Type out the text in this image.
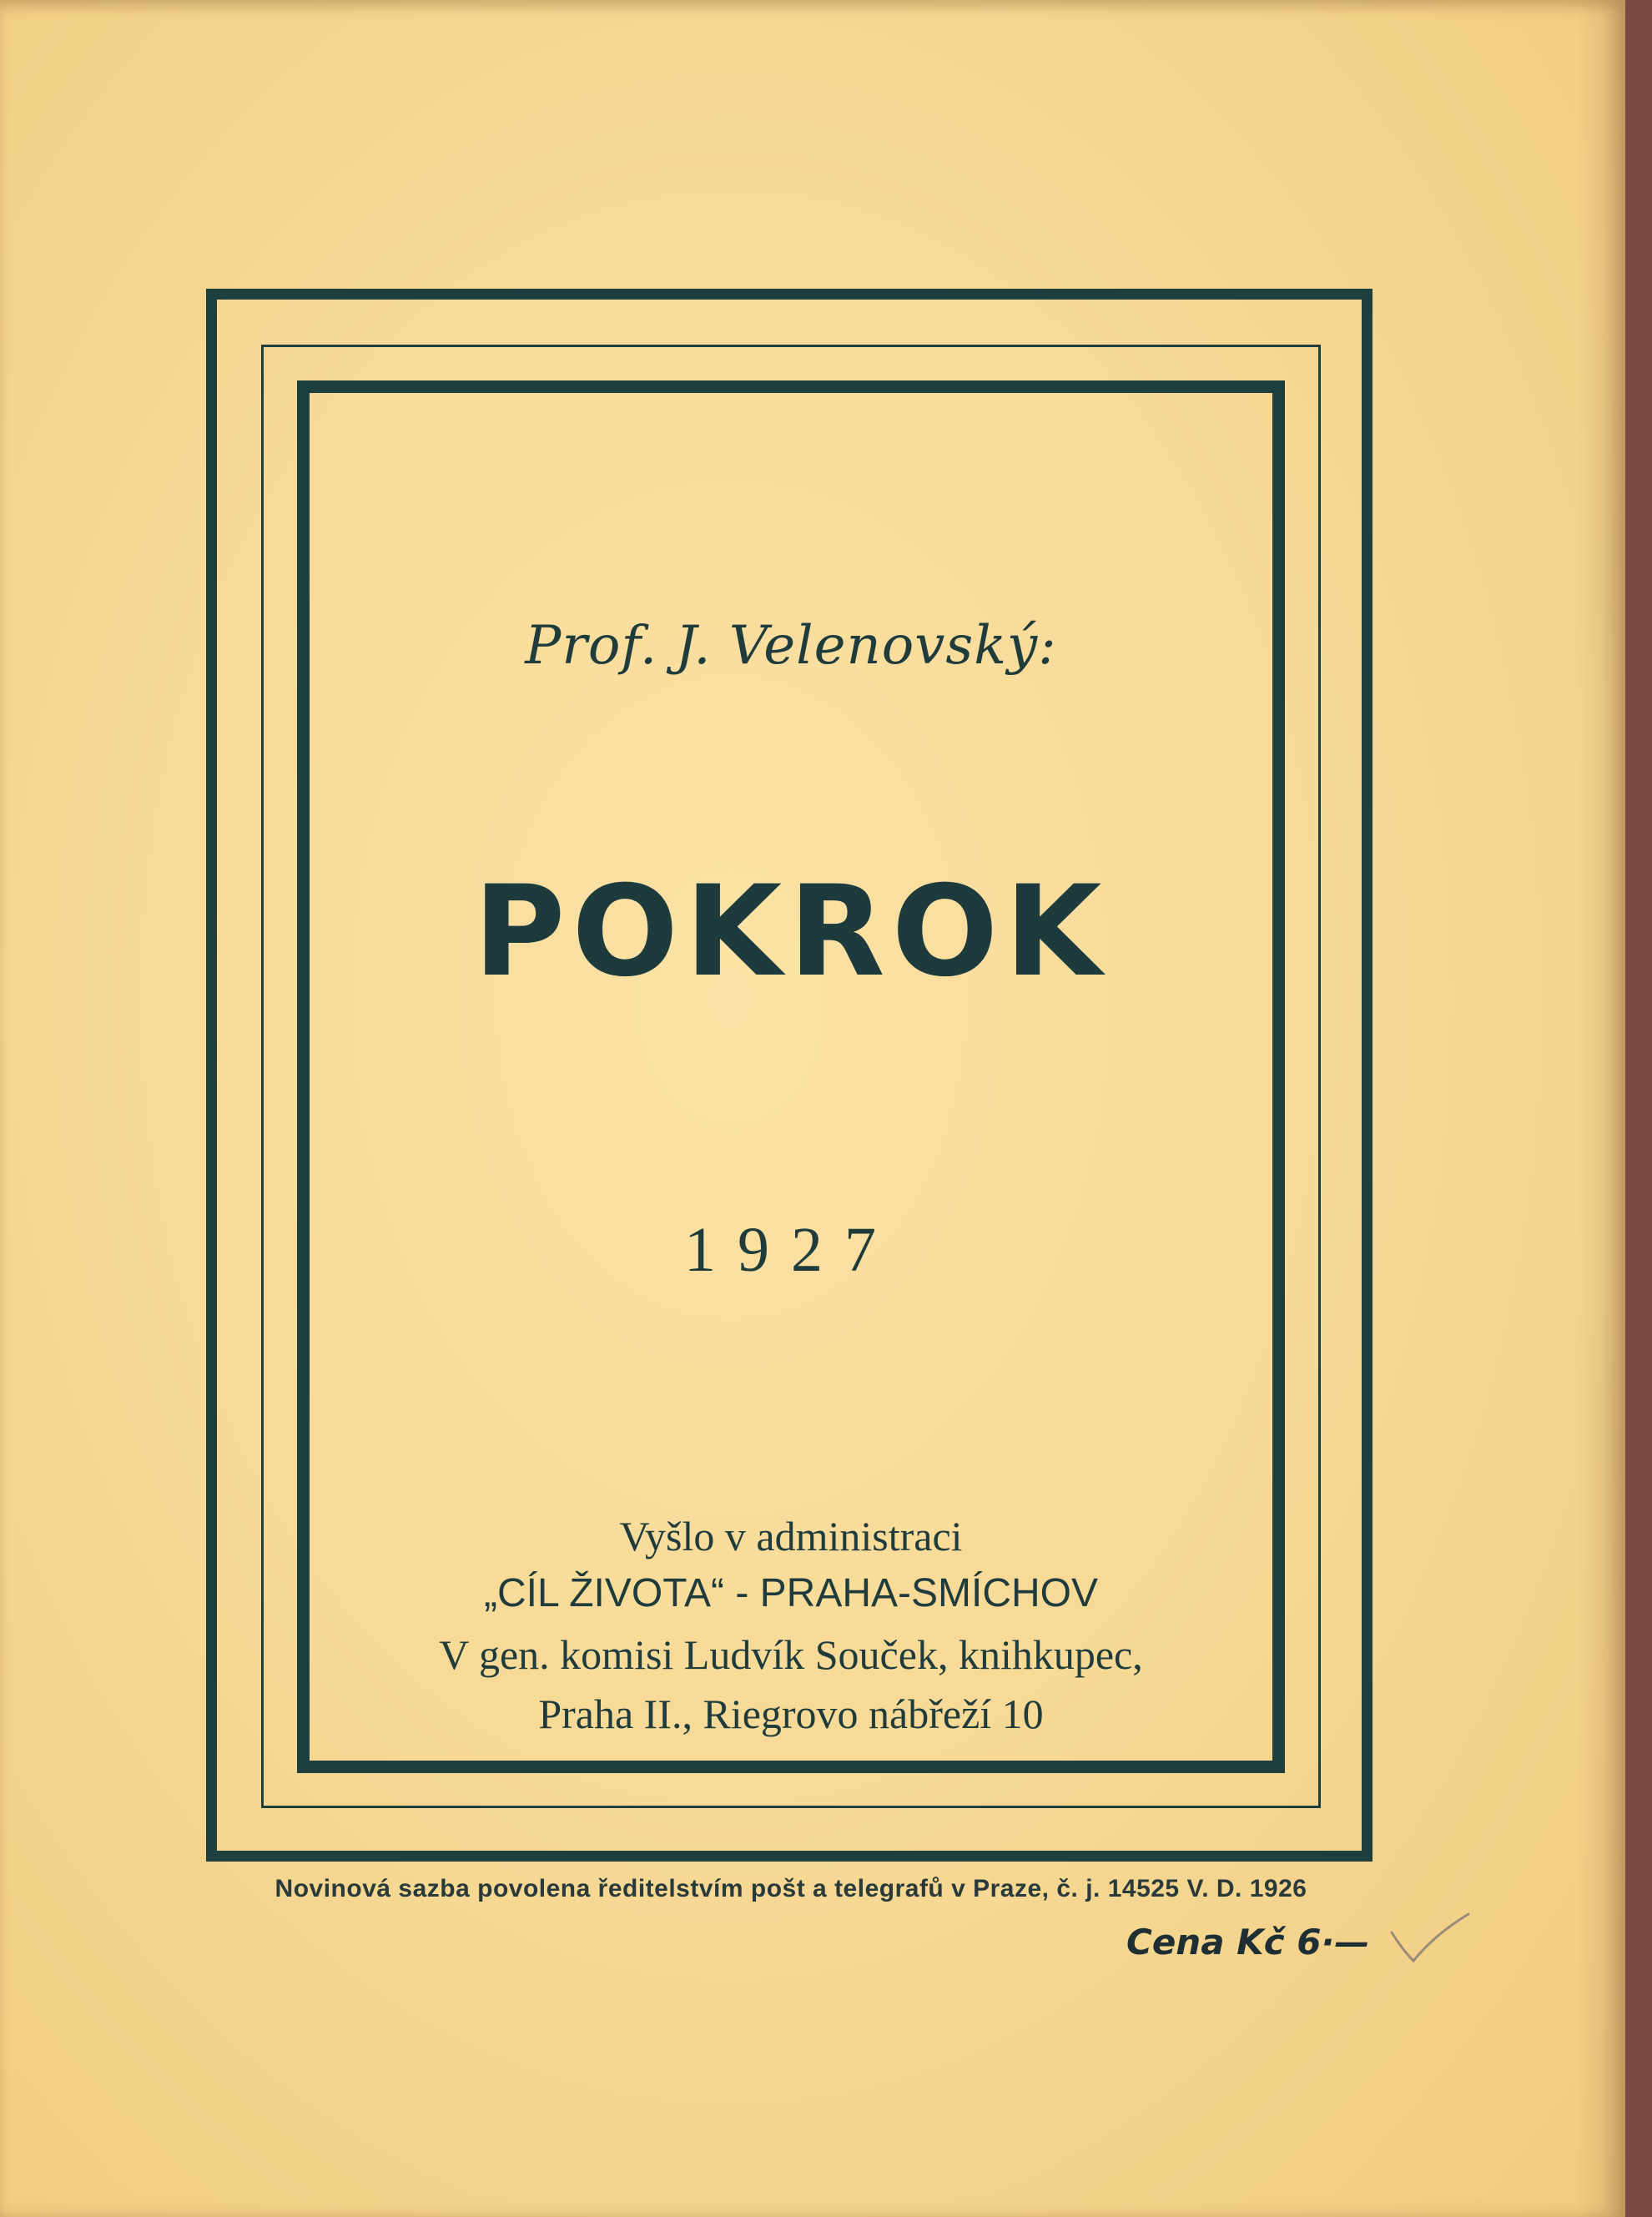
Prof. J. Velenovský:
POKROK
1927
Vyšlo v administraci
„CÍL ŽIVOTA“ - PRAHA-SMÍCHOV
V gen. komisi Ludvík Souček, knihkupec,
Praha II., Riegrovo nábřeží 10
Novinová sazba povolena ředitelstvím pošt a telegrafů v Praze, č. j. 14525 V. D. 1926
Cena Kč 6·—
